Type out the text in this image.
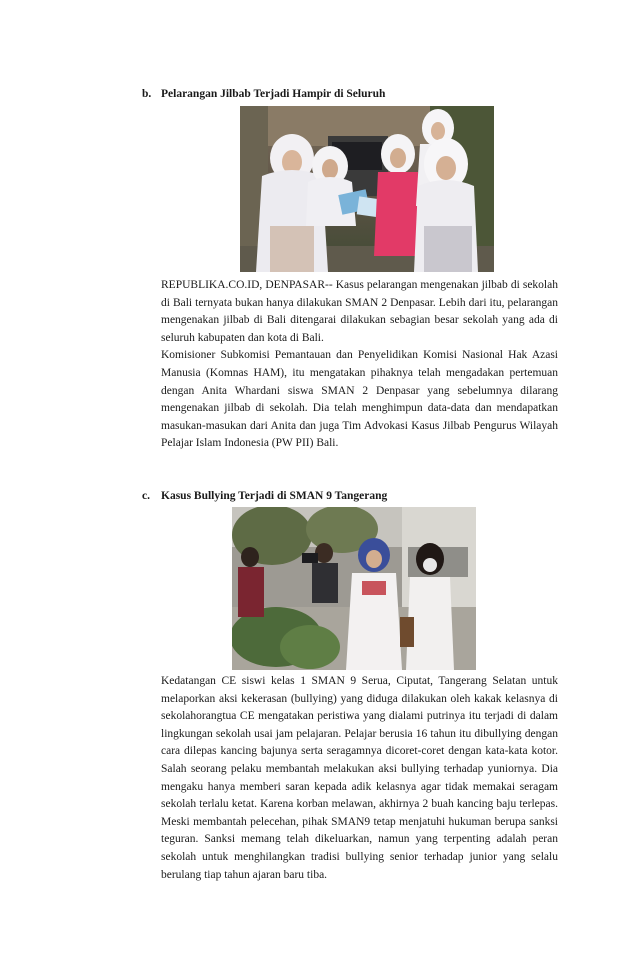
b. Pelarangan Jilbab Terjadi Hampir di Seluruh

REPUBLIKA.CO.ID, DENPASAR-- Kasus pelarangan mengenakan jilbab di sekolah di Bali ternyata bukan hanya dilakukan SMAN 2 Denpasar. Lebih dari itu, pelarangan mengenakan jilbab di Bali ditengarai dilakukan sebagian besar sekolah yang ada di seluruh kabupaten dan kota di Bali.

Komisioner Subkomisi Pemantauan dan Penyelidikan Komisi Nasional Hak Azasi Manusia (Komnas HAM), itu mengatakan pihaknya telah mengadakan pertemuan dengan Anita Whardani siswa SMAN 2 Denpasar yang sebelumnya dilarang mengenakan jilbab di sekolah. Dia telah menghimpun data-data dan mendapatkan masukan-masukan dari Anita dan juga Tim Advokasi Kasus Jilbab Pengurus Wilayah Pelajar Islam Indonesia (PW PII) Bali.

c. Kasus Bullying Terjadi di SMAN 9 Tangerang

Kedatangan CE siswi kelas 1 SMAN 9 Serua, Ciputat, Tangerang Selatan untuk melaporkan aksi kekerasan (bullying) yang diduga dilakukan oleh kakak kelasnya di sekolahorangtua CE mengatakan peristiwa yang dialami putrinya itu terjadi di dalam lingkungan sekolah usai jam pelajaran. Pelajar berusia 16 tahun itu dibullying dengan cara dilepas kancing bajunya serta seragamnya dicoret-coret dengan kata-kata kotor. Salah seorang pelaku membantah melakukan aksi bullying terhadap yuniornya. Dia mengaku hanya memberi saran kepada adik kelasnya agar tidak memakai seragam sekolah terlalu ketat. Karena korban melawan, akhirnya 2 buah kancing baju terlepas. Meski membantah pelecehan, pihak SMAN9 tetap menjatuhi hukuman berupa sanksi teguran. Sanksi memang telah dikeluarkan, namun yang terpenting adalah peran sekolah untuk menghilangkan tradisi bullying senior terhadap junior yang selalu berulang tiap tahun ajaran baru tiba.
